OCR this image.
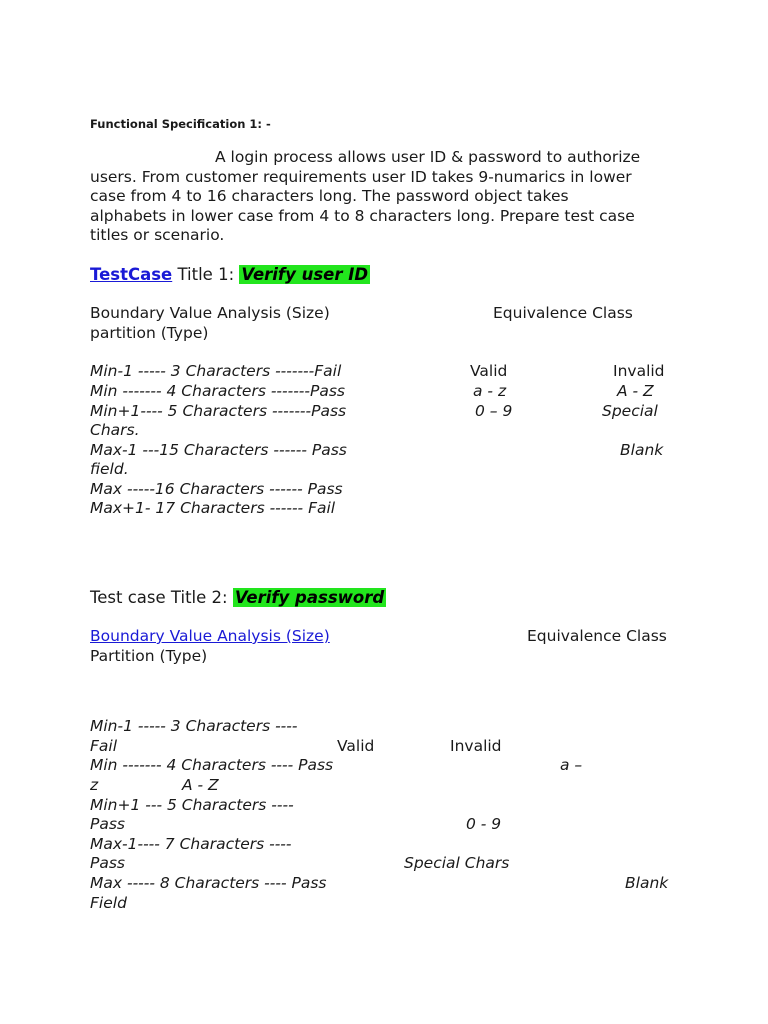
Functional Specification 1: -
A login process allows user ID & password to authorize
users. From customer requirements user ID takes 9-numarics in lower
case from 4 to 16 characters long. The password object takes
alphabets in lower case from 4 to 8 characters long. Prepare test case
titles or scenario.
TestCase Title 1: Verify user ID
Boundary Value Analysis (Size)	Equivalence Class
partition (Type)
Min-1 ----- 3 Characters -------Fail	Valid	Invalid
Min ------- 4 Characters -------Pass	a - z	A - Z
Min+1---- 5 Characters -------Pass	0 – 9	Special
Chars.
Max-1 ---15 Characters ------ Pass	Blank
field.
Max -----16 Characters ------ Pass
Max+1- 17 Characters ------ Fail
Test case Title 2: Verify password
Boundary Value Analysis (Size)	Equivalence Class
Partition (Type)
Min-1 ----- 3 Characters ----
Fail	Valid	Invalid
Min ------- 4 Characters ---- Pass	a –
z	A - Z
Min+1 --- 5 Characters ----
Pass	0 - 9
Max-1---- 7 Characters ----
Pass	Special Chars
Max ----- 8 Characters ---- Pass	Blank
Field
